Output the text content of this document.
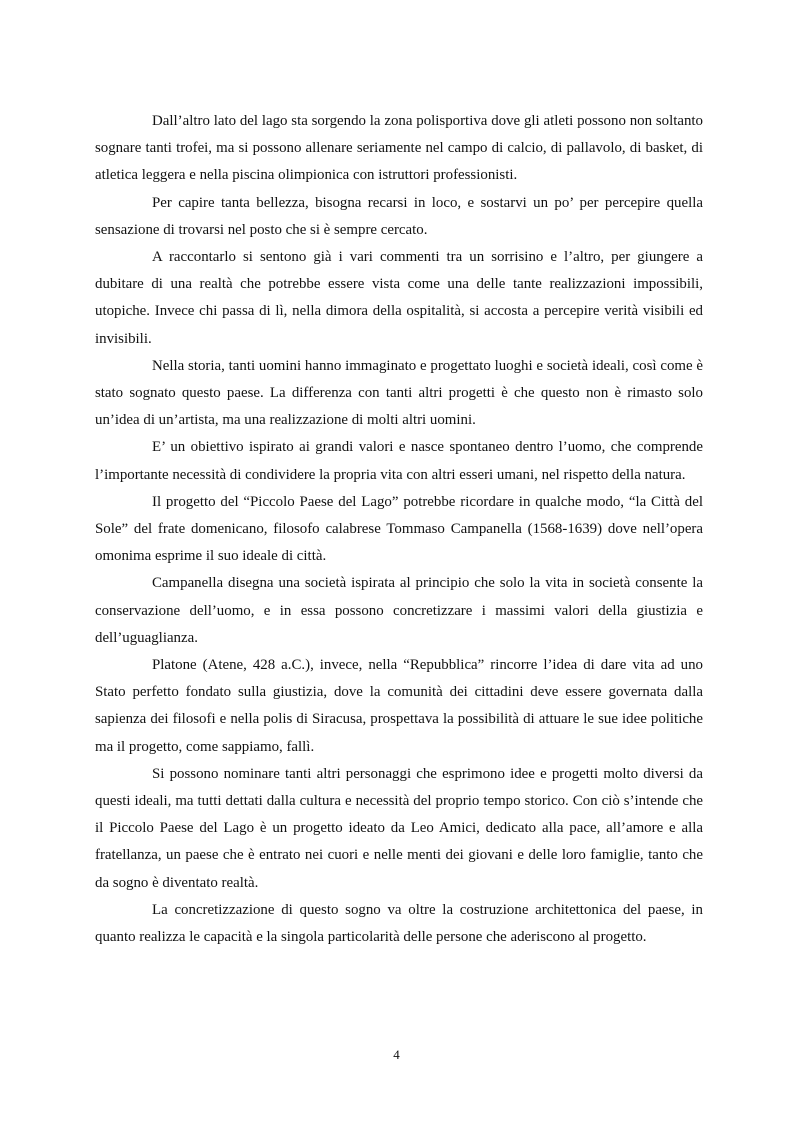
Dall’altro lato del lago sta sorgendo la zona polisportiva dove gli atleti possono non soltanto sognare tanti trofei, ma si possono allenare seriamente nel campo di calcio, di pallavolo, di basket, di atletica leggera e nella piscina olimpionica con istruttori professionisti.

Per capire tanta bellezza, bisogna recarsi in loco, e sostarvi un po’ per percepire quella sensazione di trovarsi nel posto che si è sempre cercato.

A raccontarlo si sentono già i vari commenti tra un sorrisino e l’altro, per giungere a dubitare di una realtà che potrebbe essere vista come una delle tante realizzazioni impossibili, utopiche. Invece chi passa di lì, nella dimora della ospitalità, si accosta a percepire verità visibili ed invisibili.

Nella storia, tanti uomini hanno immaginato e progettato luoghi e società ideali, così come è stato sognato questo paese. La differenza con tanti altri progetti è che questo non è rimasto solo un’idea di un’artista, ma una realizzazione di molti altri uomini.

E’ un obiettivo ispirato ai grandi valori e nasce spontaneo dentro l’uomo, che comprende l’importante necessità di condividere la propria vita con altri esseri umani, nel rispetto della natura.

Il progetto del “Piccolo Paese del Lago” potrebbe ricordare in qualche modo, “la Città del Sole” del frate domenicano, filosofo calabrese Tommaso Campanella (1568-1639) dove nell’opera omonima esprime il suo ideale di città.

Campanella disegna una società ispirata al principio che solo la vita in società consente la conservazione dell’uomo, e in essa possono concretizzare i massimi valori della giustizia e dell’uguaglianza.

Platone (Atene, 428 a.C.), invece, nella “Repubblica” rincorre l’idea di dare vita ad uno Stato perfetto fondato sulla giustizia, dove la comunità dei cittadini deve essere governata dalla sapienza dei filosofi e nella polis di Siracusa, prospettava la possibilità di attuare le sue idee politiche ma il progetto, come sappiamo, fallì.

Si possono nominare tanti altri personaggi che esprimono idee e progetti molto diversi da questi ideali, ma tutti dettati dalla cultura e necessità del proprio tempo storico. Con ciò s’intende che il Piccolo Paese del Lago è un progetto ideato da Leo Amici, dedicato alla pace, all’amore e alla fratellanza, un paese che è entrato nei cuori e nelle menti dei giovani e delle loro famiglie, tanto che da sogno è diventato realtà.

La concretizzazione di questo sogno va oltre la costruzione architettonica del paese, in quanto realizza le capacità e la singola particolarità delle persone che aderiscono al progetto.

4
